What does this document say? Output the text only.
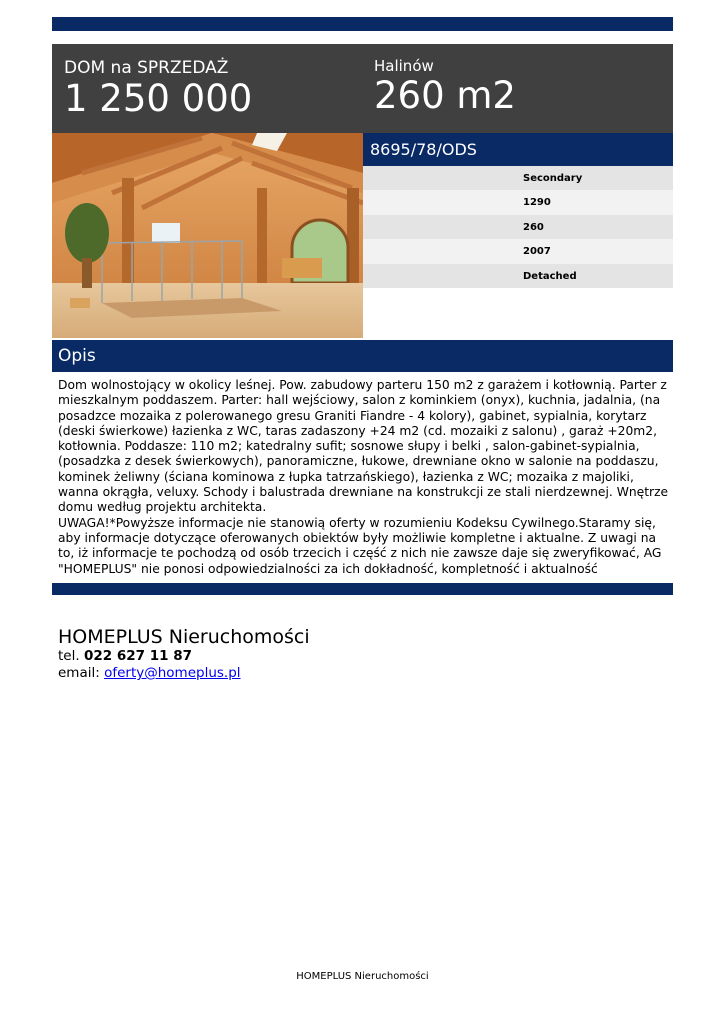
DOM na SPRZEDAŻ
1 250 000
Halinów
260 m2
8695/78/ODS
Secondary
1290
260
2007
Detached
Opis

Dom wolnostojący w okolicy leśnej. Pow. zabudowy parteru 150 m2 z garażem i kotłownią. Parter z mieszkalnym poddaszem. Parter: hall wejściowy, salon z kominkiem (onyx), kuchnia, jadalnia, (na posadzce mozaika z polerowanego gresu Graniti Fiandre - 4 kolory), gabinet, sypialnia, korytarz (deski świerkowe) łazienka z WC, taras zadaszony +24 m2 (cd. mozaiki z salonu) , garaż +20m2, kotłownia. Poddasze: 110 m2; katedralny sufit; sosnowe słupy i belki , salon-gabinet-sypialnia, (posadzka z desek świerkowych), panoramiczne, łukowe, drewniane okno w salonie na poddaszu, kominek żeliwny (ściana kominowa z łupka tatrzańskiego), łazienka z WC; mozaika z majoliki, wanna okrągła, veluxy. Schody i balustrada drewniane na konstrukcji ze stali nierdzewnej. Wnętrze domu według projektu architekta.

UWAGA!*Powyższe informacje nie stanowią oferty w rozumieniu Kodeksu Cywilnego.Staramy się, aby informacje dotyczące oferowanych obiektów były możliwie kompletne i aktualne. Z uwagi na to, iż informacje te pochodzą od osób trzecich i część z nich nie zawsze daje się zweryfikować, AG "HOMEPLUS" nie ponosi odpowiedzialności za ich dokładność, kompletność i aktualność

HOMEPLUS Nieruchomości
tel. 022 627 11 87
email: oferty@homeplus.pl
HOMEPLUS Nieruchomości
